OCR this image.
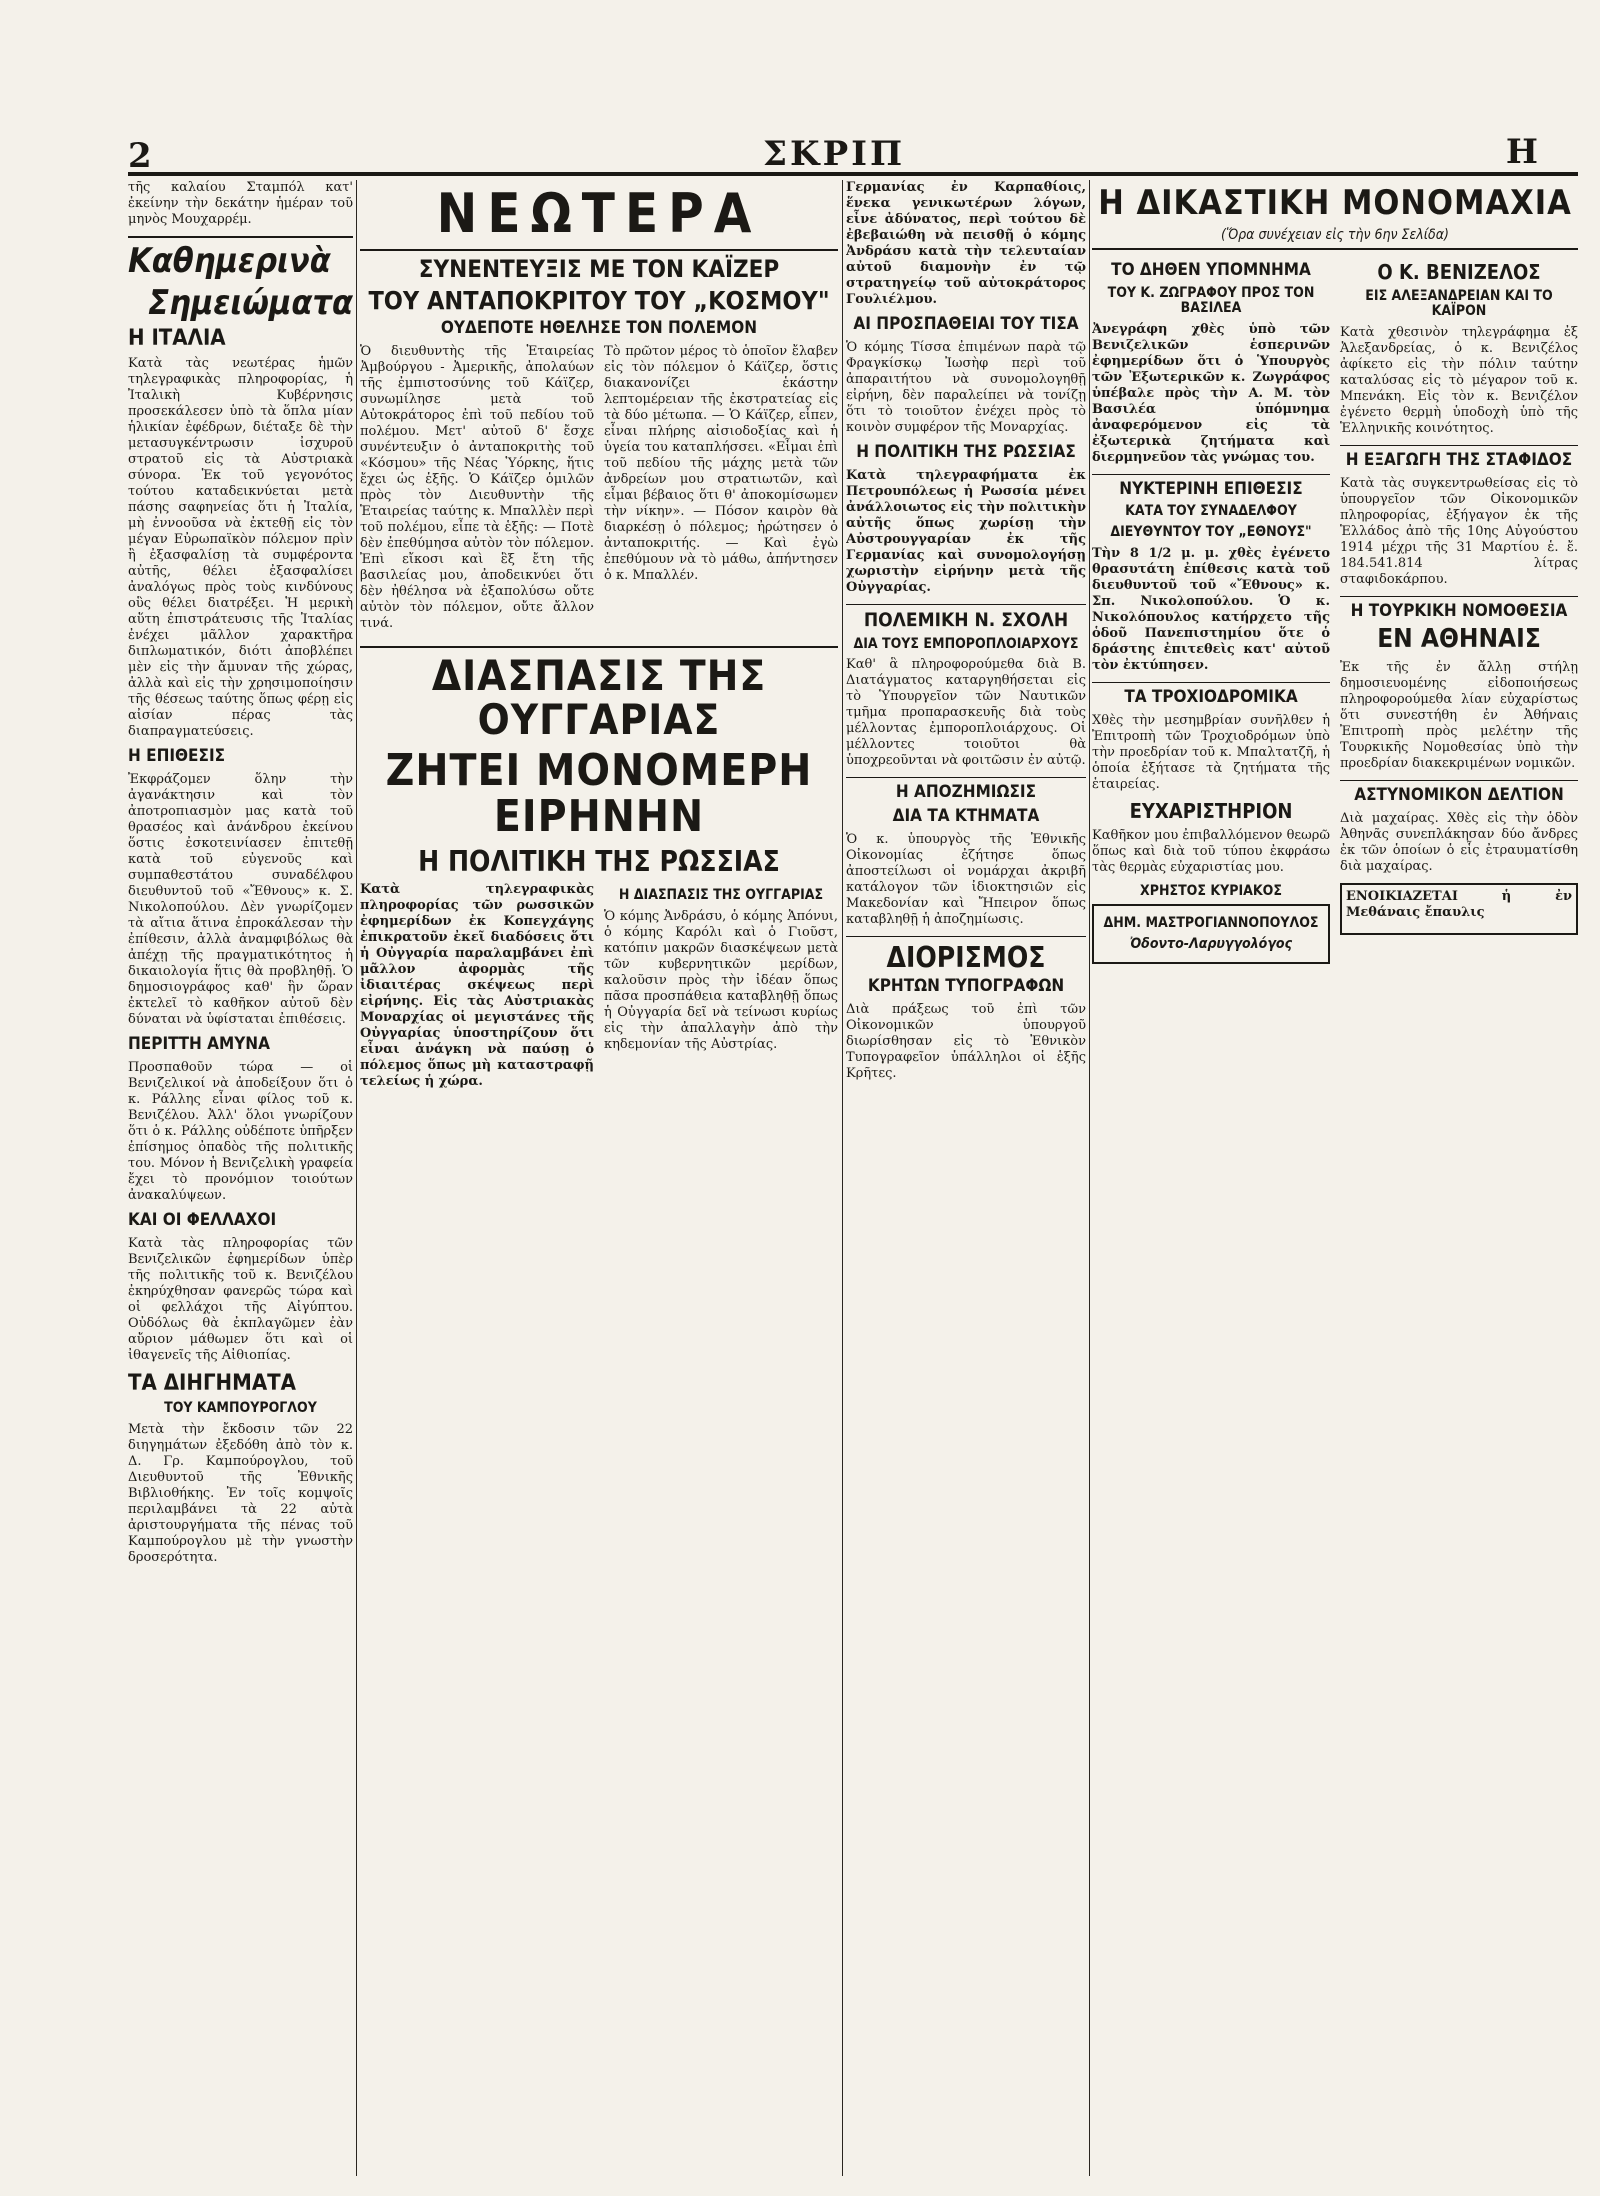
2	ΣΚΡΙΠ	Η

τῆς καλαίου Σταμπόλ κατ' ἐκείνην τὴν δεκάτην ἡμέραν τοῦ μηνὸς Μουχαρρέμ.

Καθημερινὰ
Σημειώματα
Η ΙΤΑΛΙΑ

Κατὰ τὰς νεωτέρας ἡμῶν τηλεγραφικὰς πληροφορίας, ἡ Ἰταλικὴ Κυβέρνησις προσεκάλεσεν ὑπὸ τὰ ὅπλα μίαν ἡλικίαν ἐφέδρων, διέταξε δὲ τὴν μετασυγκέντρωσιν ἰσχυροῦ στρατοῦ εἰς τὰ Αὐστριακὰ σύνορα. Ἐκ τοῦ γεγονότος τούτου καταδεικνύεται μετὰ πάσης σαφηνείας ὅτι ἡ Ἰταλία, μὴ ἐννοοῦσα νὰ ἐκτεθῇ εἰς τὸν μέγαν Εὐρωπαϊκὸν πόλεμον πρὶν ἢ ἐξασφαλίσῃ τὰ συμφέροντα αὐτῆς, θέλει ἐξασφαλίσει ἀναλόγως πρὸς τοὺς κινδύνους οὓς θέλει διατρέξει. Ἡ μερικὴ αὕτη ἐπιστράτευσις τῆς Ἰταλίας ἐνέχει μᾶλλον χαρακτῆρα διπλωματικόν, διότι ἀποβλέπει μὲν εἰς τὴν ἄμυναν τῆς χώρας, ἀλλὰ καὶ εἰς τὴν χρησιμοποίησιν τῆς θέσεως ταύτης ὅπως φέρῃ εἰς αἰσίαν πέρας τὰς διαπραγματεύσεις.

Η ΕΠΙΘΕΣΙΣ

Ἐκφράζομεν ὅλην τὴν ἀγανάκτησιν καὶ τὸν ἀποτροπιασμὸν μας κατὰ τοῦ θρασέος καὶ ἀνάνδρου ἐκείνου ὅστις ἐσκοτεινίασεν ἐπιτεθῇ κατὰ τοῦ εὐγενοῦς καὶ συμπαθεστάτου συναδέλφου διευθυντοῦ τοῦ «Ἔθνους» κ. Σ. Νικολοπούλου. Δὲν γνωρίζομεν τὰ αἴτια ἅτινα ἐπροκάλεσαν τὴν ἐπίθεσιν, ἀλλὰ ἀναμφιβόλως θὰ ἀπέχῃ τῆς πραγματικότητος ἡ δικαιολογία ἥτις θὰ προβληθῇ. Ὁ δημοσιογράφος καθ' ἣν ὥραν ἐκτελεῖ τὸ καθῆκον αὐτοῦ δὲν δύναται νὰ ὑφίσταται ἐπιθέσεις.

ΠΕΡΙΤΤΗ ΑΜΥΝΑ

Προσπαθοῦν τώρα — οἱ Βενιζελικοί νὰ ἀποδείξουν ὅτι ὁ κ. Ράλλης εἶναι φίλος τοῦ κ. Βενιζέλου. Ἀλλ' ὅλοι γνωρίζουν ὅτι ὁ κ. Ράλλης οὐδέποτε ὑπῆρξεν ἐπίσημος ὀπαδὸς τῆς πολιτικῆς του. Μόνον ἡ Βενιζελικὴ γραφεία ἔχει τὸ προνόμιον τοιούτων ἀνακαλύψεων.

ΚΑΙ ΟΙ ΦΕΛΛΑΧΟΙ

Κατὰ τὰς πληροφορίας τῶν Βενιζελικῶν ἐφημερίδων ὑπὲρ τῆς πολιτικῆς τοῦ κ. Βενιζέλου ἐκηρύχθησαν φανερῶς τώρα καὶ οἱ φελλάχοι τῆς Αἰγύπτου. Οὐδόλως θὰ ἐκπλαγῶμεν ἐὰν αὔριον μάθωμεν ὅτι καὶ οἱ ἰθαγενεῖς τῆς Αἰθιοπίας.

ΤΑ ΔΙΗΓΗΜΑΤΑ
ΤΟΥ ΚΑΜΠΟΥΡΟΓΛΟΥ

Μετὰ τὴν ἔκδοσιν τῶν 22 διηγημάτων ἐξεδόθη ἀπὸ τὸν κ. Δ. Γρ. Καμπούρογλου, τοῦ Διευθυντοῦ τῆς Ἐθνικῆς Βιβλιοθήκης. Ἐν τοῖς κομψοῖς περιλαμβάνει τὰ 22 αὐτὰ ἀριστουργήματα τῆς πένας τοῦ Καμπούρογλου μὲ τὴν γνωστὴν δροσερότητα.

ΝΕΩΤΕΡΑ
ΣΥΝΕΝΤΕΥΞΙΣ ΜΕ ΤΟΝ ΚΑΪΖΕΡ
ΤΟΥ ΑΝΤΑΠΟΚΡΙΤΟΥ ΤΟΥ „ΚΟΣΜΟΥ"
ΟΥΔΕΠΟΤΕ ΗΘΕΛΗΣΕ ΤΟΝ ΠΟΛΕΜΟΝ

Ὁ διευθυντὴς τῆς Ἑταιρείας Ἀμβούργου - Ἀμερικῆς, ἀπολαύων τῆς ἐμπιστοσύνης τοῦ Κάϊζερ, συνωμίλησε μετὰ τοῦ Αὐτοκράτορος ἐπὶ τοῦ πεδίου τοῦ πολέμου. Μετ' αὐτοῦ δ' ἔσχε συνέντευξιν ὁ ἀνταποκριτὴς τοῦ «Κόσμου» τῆς Νέας Ὑόρκης, ἥτις ἔχει ὡς ἑξῆς. Ὁ Κάϊζερ ὁμιλῶν πρὸς τὸν Διευθυντὴν τῆς Ἑταιρείας ταύτης κ. Μπαλλὲν περὶ τοῦ πολέμου, εἶπε τὰ ἑξῆς: — Ποτὲ δὲν ἐπεθύμησα αὐτὸν τὸν πόλεμον. Ἐπὶ εἴκοσι καὶ ἓξ ἔτη τῆς βασιλείας μου, ἀποδεικνύει ὅτι δὲν ἠθέλησα νὰ ἐξαπολύσω οὔτε αὐτὸν τὸν πόλεμον, οὔτε ἄλλον τινά.

Τὸ πρῶτον μέρος τὸ ὁποῖον ἔλαβεν εἰς τὸν πόλεμον ὁ Κάϊζερ, ὅστις διακανονίζει ἑκάστην λεπτομέρειαν τῆς ἐκστρατείας εἰς τὰ δύο μέτωπα. — Ὁ Κάϊζερ, εἶπεν, εἶναι πλήρης αἰσιοδοξίας καὶ ἡ ὑγεία του καταπλήσσει. «Εἶμαι ἐπὶ τοῦ πεδίου τῆς μάχης μετὰ τῶν ἀνδρείων μου στρατιωτῶν, καὶ εἶμαι βέβαιος ὅτι θ' ἀποκομίσωμεν τὴν νίκην». — Πόσον καιρὸν θὰ διαρκέσῃ ὁ πόλεμος; ἠρώτησεν ὁ ἀνταποκριτής. — Καὶ ἐγὼ ἐπεθύμουν νὰ τὸ μάθω, ἀπήντησεν ὁ κ. Μπαλλέν.

ΔΙΑΣΠΑΣΙΣ ΤΗΣ ΟΥΓΓΑΡΙΑΣ
ΖΗΤΕΙ ΜΟΝΟΜΕΡΗ ΕΙΡΗΝΗΝ
Η ΠΟΛΙΤΙΚΗ ΤΗΣ ΡΩΣΣΙΑΣ

Κατὰ τηλεγραφικὰς πληροφορίας τῶν ρωσσικῶν ἐφημερίδων ἐκ Κοπεγχάγης ἐπικρατοῦν ἐκεῖ διαδόσεις ὅτι ἡ Οὐγγαρία παραλαμβάνει ἐπὶ μᾶλλον ἀφορμὰς τῆς ἰδιαιτέρας σκέψεως περὶ εἰρήνης. Εἰς τὰς Αὐστριακὰς Μοναρχίας οἱ μεγιστάνες τῆς Οὐγγαρίας ὑποστηρίζουν ὅτι εἶναι ἀνάγκη νὰ παύσῃ ὁ πόλεμος ὅπως μὴ καταστραφῇ τελείως ἡ χώρα.

Η ΔΙΑΣΠΑΣΙΣ ΤΗΣ ΟΥΓΓΑΡΙΑΣ

Ὁ κόμης Ἀνδράσυ, ὁ κόμης Ἀπόνυι, ὁ κόμης Καρόλι καὶ ὁ Γιοῦστ, κατόπιν μακρῶν διασκέψεων μετὰ τῶν κυβερνητικῶν μερίδων, καλοῦσιν πρὸς τὴν ἰδέαν ὅπως πᾶσα προσπάθεια καταβληθῇ ὅπως ἡ Οὐγγαρία δεῖ νὰ τείνωσι κυρίως εἰς τὴν ἀπαλλαγὴν ἀπὸ τὴν κηδεμονίαν τῆς Αὐστρίας.

Γερμανίας ἐν Καρπαθίοις, ἕνεκα γενικωτέρων λόγων, εἶνε ἀδύνατος, περὶ τούτου δὲ ἐβεβαιώθη νὰ πεισθῇ ὁ κόμης Ἀνδράσυ κατὰ τὴν τελευταίαν αὐτοῦ διαμονὴν ἐν τῷ στρατηγείῳ τοῦ αὐτοκράτορος Γουλιέλμου.

ΑΙ ΠΡΟΣΠΑΘΕΙΑΙ ΤΟΥ ΤΙΣΑ

Ὁ κόμης Τίσσα ἐπιμένων παρὰ τῷ Φραγκίσκῳ Ἰωσὴφ περὶ τοῦ ἀπαραιτήτου νὰ συνομολογηθῇ εἰρήνη, δὲν παραλείπει νὰ τονίζῃ ὅτι τὸ τοιοῦτον ἐνέχει πρὸς τὸ κοινὸν συμφέρον τῆς Μοναρχίας.

Η ΠΟΛΙΤΙΚΗ ΤΗΣ ΡΩΣΣΙΑΣ

Κατὰ τηλεγραφήματα ἐκ Πετρουπόλεως ἡ Ρωσσία μένει ἀνάλλοιωτος εἰς τὴν πολιτικὴν αὐτῆς ὅπως χωρίσῃ τὴν Αὐστρουγγαρίαν ἐκ τῆς Γερμανίας καὶ συνομολογήσῃ χωριστὴν εἰρήνην μετὰ τῆς Οὐγγαρίας.

ΠΟΛΕΜΙΚΗ Ν. ΣΧΟΛΗ
ΔΙΑ ΤΟΥΣ ΕΜΠΟΡΟΠΛΟΙΑΡΧΟΥΣ

Καθ' ἃ πληροφορούμεθα διὰ Β. Διατάγματος καταργηθήσεται εἰς τὸ Ὑπουργεῖον τῶν Ναυτικῶν τμῆμα προπαρασκευῆς διὰ τοὺς μέλλοντας ἐμποροπλοιάρχους. Οἱ μέλλοντες τοιοῦτοι θὰ ὑποχρεοῦνται νὰ φοιτῶσιν ἐν αὐτῷ.

Η ΑΠΟΖΗΜΙΩΣΙΣ
ΔΙΑ ΤΑ ΚΤΗΜΑΤΑ

Ὁ κ. ὑπουργὸς τῆς Ἐθνικῆς Οἰκονομίας ἐζήτησε ὅπως ἀποστείλωσι οἱ νομάρχαι ἀκριβῆ κατάλογον τῶν ἰδιοκτησιῶν εἰς Μακεδονίαν καὶ Ἤπειρον ὅπως καταβληθῇ ἡ ἀποζημίωσις.

ΔΙΟΡΙΣΜΟΣ
ΚΡΗΤΩΝ ΤΥΠΟΓΡΑΦΩΝ

Διὰ πράξεως τοῦ ἐπὶ τῶν Οἰκονομικῶν ὑπουργοῦ διωρίσθησαν εἰς τὸ Ἐθνικὸν Τυπογραφεῖον ὑπάλληλοι οἱ ἑξῆς Κρῆτες.

Η ΔΙΚΑΣΤΙΚΗ ΜΟΝΟΜΑΧΙΑ
(Ὅρα συνέχειαν εἰς τὴν 6ην Σελίδα)
ΤΟ ΔΗΘΕΝ ΥΠΟΜΝΗΜΑ
ΤΟΥ Κ. ΖΩΓΡΑΦΟΥ ΠΡΟΣ ΤΟΝ ΒΑΣΙΛΕΑ

Ἀνεγράφη χθὲς ὑπὸ τῶν Βενιζελικῶν ἑσπερινῶν ἐφημερίδων ὅτι ὁ Ὑπουργὸς τῶν Ἐξωτερικῶν κ. Ζωγράφος ὑπέβαλε πρὸς τὴν Α. Μ. τὸν Βασιλέα ὑπόμνημα ἀναφερόμενον εἰς τὰ ἐξωτερικὰ ζητήματα καὶ διερμηνεῦον τὰς γνώμας του.

ΝΥΚΤΕΡΙΝΗ ΕΠΙΘΕΣΙΣ
ΚΑΤΑ ΤΟΥ ΣΥΝΑΔΕΛΦΟΥ
ΔΙΕΥΘΥΝΤΟΥ ΤΟΥ „ΕΘΝΟΥΣ"

Τὴν 8 1/2 μ. μ. χθὲς ἐγένετο θρασυτάτη ἐπίθεσις κατὰ τοῦ διευθυντοῦ τοῦ «Ἔθνους» κ. Σπ. Νικολοπούλου. Ὁ κ. Νικολόπουλος κατήρχετο τῆς ὁδοῦ Πανεπιστημίου ὅτε ὁ δράστης ἐπιτεθεὶς κατ' αὐτοῦ τὸν ἐκτύπησεν.

ΤΑ ΤΡΟΧΙΟΔΡΟΜΙΚΑ

Χθὲς τὴν μεσημβρίαν συνῆλθεν ἡ Ἐπιτροπὴ τῶν Τροχιοδρόμων ὑπὸ τὴν προεδρίαν τοῦ κ. Μπαλτατζῆ, ἡ ὁποία ἐξήτασε τὰ ζητήματα τῆς ἑταιρείας.

ΕΥΧΑΡΙΣΤΗΡΙΟΝ

Καθῆκον μου ἐπιβαλλόμενον θεωρῶ ὅπως καὶ διὰ τοῦ τύπου ἐκφράσω τὰς θερμὰς εὐχαριστίας μου.

ΧΡΗΣΤΟΣ ΚΥΡΙΑΚΟΣ
ΔΗΜ. ΜΑΣΤΡΟΓΙΑΝΝΟΠΟΥΛΟΣ
Ὀδοντο-Λαρυγγολόγος
Ο Κ. ΒΕΝΙΖΕΛΟΣ
ΕΙΣ ΑΛΕΞΑΝΔΡΕΙΑΝ ΚΑΙ ΤΟ ΚΑΪΡΟΝ

Κατὰ χθεσινὸν τηλεγράφημα ἐξ Ἀλεξανδρείας, ὁ κ. Βενιζέλος ἀφίκετο εἰς τὴν πόλιν ταύτην καταλύσας εἰς τὸ μέγαρον τοῦ κ. Μπενάκη. Εἰς τὸν κ. Βενιζέλον ἐγένετο θερμὴ ὑποδοχὴ ὑπὸ τῆς Ἑλληνικῆς κοινότητος.

Η ΕΞΑΓΩΓΗ ΤΗΣ ΣΤΑΦΙΔΟΣ

Κατὰ τὰς συγκεντρωθείσας εἰς τὸ ὑπουργεῖον τῶν Οἰκονομικῶν πληροφορίας, ἐξήγαγον ἐκ τῆς Ἑλλάδος ἀπὸ τῆς 10ης Αὐγούστου 1914 μέχρι τῆς 31 Μαρτίου ἑ. ἔ. 184.541.814 λίτρας σταφιδοκάρπου.

Η ΤΟΥΡΚΙΚΗ ΝΟΜΟΘΕΣΙΑ
ΕΝ ΑΘΗΝΑΙΣ

Ἐκ τῆς ἐν ἄλλῃ στήλῃ δημοσιευομένης εἰδοποιήσεως πληροφορούμεθα λίαν εὐχαρίστως ὅτι συνεστήθη ἐν Ἀθήναις Ἐπιτροπὴ πρὸς μελέτην τῆς Τουρκικῆς Νομοθεσίας ὑπὸ τὴν προεδρίαν διακεκριμένων νομικῶν.

ΑΣΤΥΝΟΜΙΚΟΝ ΔΕΛΤΙΟΝ

Διὰ μαχαίρας. Χθὲς εἰς τὴν ὁδὸν Ἀθηνᾶς συνεπλάκησαν δύο ἄνδρες ἐκ τῶν ὁποίων ὁ εἷς ἐτραυματίσθη διὰ μαχαίρας.

ΕΝΟΙΚΙΑΖΕΤΑΙ ἡ ἐν Μεθάναις ἔπαυλις
